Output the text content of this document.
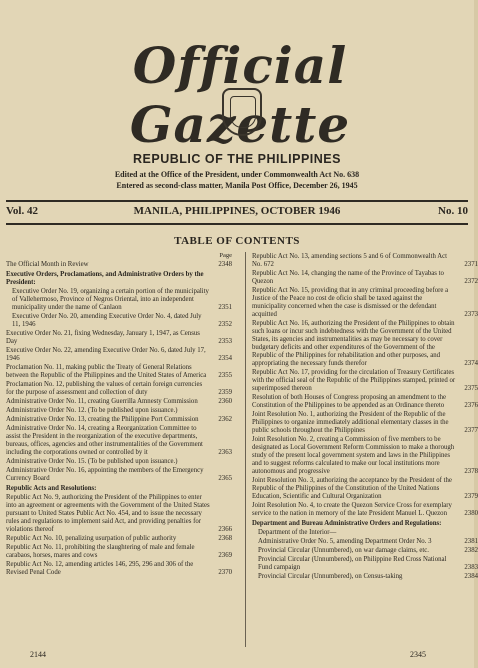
Official Gazette
REPUBLIC OF THE PHILIPPINES
Edited at the Office of the President, under Commonwealth Act No. 638
Entered as second-class matter, Manila Post Office, December 26, 1945
Vol. 42	MANILA, PHILIPPINES, OCTOBER 1946	No. 10
TABLE OF CONTENTS
Page
The Official Month in Review	2348
Executive Orders, Proclamations, and Administrative Orders by the President:
Executive Order No. 19, organizing a certain portion of the municipality of Vallehermoso, Province of Negros Oriental, into an independent municipality under the name of Canlaon	2351
Executive Order No. 20, amending Executive Order No. 4, dated July 11, 1946	2352
Executive Order No. 21, fixing Wednesday, January 1, 1947, as Census Day	2353
Executive Order No. 22, amending Executive Order No. 6, dated July 17, 1946	2354
Proclamation No. 11, making public the Treaty of General Relations between the Republic of the Philippines and the United States of America 2355
Proclamation No. 12, publishing the values of certain foreign currencies for the purpose of assessment and collection of duty	2359
Administrative Order No. 11, creating Guerrilla Amnesty Commission	2360
Administrative Order No. 12. (To be published upon issuance.)
Administrative Order No. 13, creating the Philippine Port Commission	2362
Administrative Order No. 14, creating a Reorganization Committee to assist the President in the reorganization of the executive departments, bureaus, offices, agencies and other instrumentalities of the Government including the corporations owned or controlled by it	2363
Administrative Order No. 15. (To be published upon issuance.)
Administrative Order No. 16, appointing the members of the Emergency Currency Board	2365
Republic Acts and Resolutions:
Republic Act No. 9, authorizing the President of the Philippines to enter into an agreement or agreements with the Government of the United States pursuant to United States Public Act No. 454, and to issue the necessary rules and regulations to implement said Act, and providing penalties for violations thereof	2366
Republic Act No. 10, penalizing usurpation of public authority	2368
Republic Act No. 11, prohibiting the slaughtering of male and female carabaos, horses, mares and cows	2369
Republic Act No. 12, amending articles 146, 295, 296 and 306 of the Revised Penal Code	2370
Republic Act No. 13, amending sections 5 and 6 of Commonwealth Act No. 672	2371
Republic Act No. 14, changing the name of the Province of Tayabas to Quezon	2372
Republic Act No. 15, providing that in any criminal proceeding before a Justice of the Peace no cost de oficio shall be taxed against the municipality concerned when the case is dismissed or the defendant acquitted	2373
Republic Act No. 16, authorizing the President of the Philippines to obtain such loans or incur such indebtedness with the Government of the United States, its agencies and instrumentalities as may be necessary to cover budgetary deficits and other expenditures of the Government of the Republic of the Philippines for rehabilitation and other purposes, and appropriating the necessary funds therefor	2374
Republic Act No. 17, providing for the circulation of Treasury Certificates with the official seal of the Republic of the Philippines stamped, printed or superimposed thereon	2375
Resolution of both Houses of Congress proposing an amendment to the Constitution of the Philippines to be appended as an Ordinance thereto	2376
Joint Resolution No. 1, authorizing the President of the Republic of the Philippines to organize immediately additional elementary classes in the public schools throughout the Philippines	2377
Joint Resolution No. 2, creating a Commission of five members to be designated as Local Government Reform Commission to make a thorough study of the present local government system and laws in the Philippines and to suggest reforms calculated to make our local institutions more autonomous and progressive	2378
Joint Resolution No. 3, authorizing the acceptance by the President of the Republic of the Philippines of the Constitution of the United Nations Education, Scientific and Cultural Organization	2379
Joint Resolution No. 4, to create the Quezon Service Cross for exemplary service to the nation in memory of the late President Manuel L. Quezon	2380
Department and Bureau Administrative Orders and Regulations:
Department of the Interior—
Administrative Order No. 5, amending Department Order No. 3	2381
Provincial Circular (Unnumbered), on war damage claims, etc.	2382
Provincial Circular (Unnumbered), on Philippine Red Cross National Fund campaign	2383
Provincial Circular (Unnumbered), on Census-taking	2384
2144	2345
